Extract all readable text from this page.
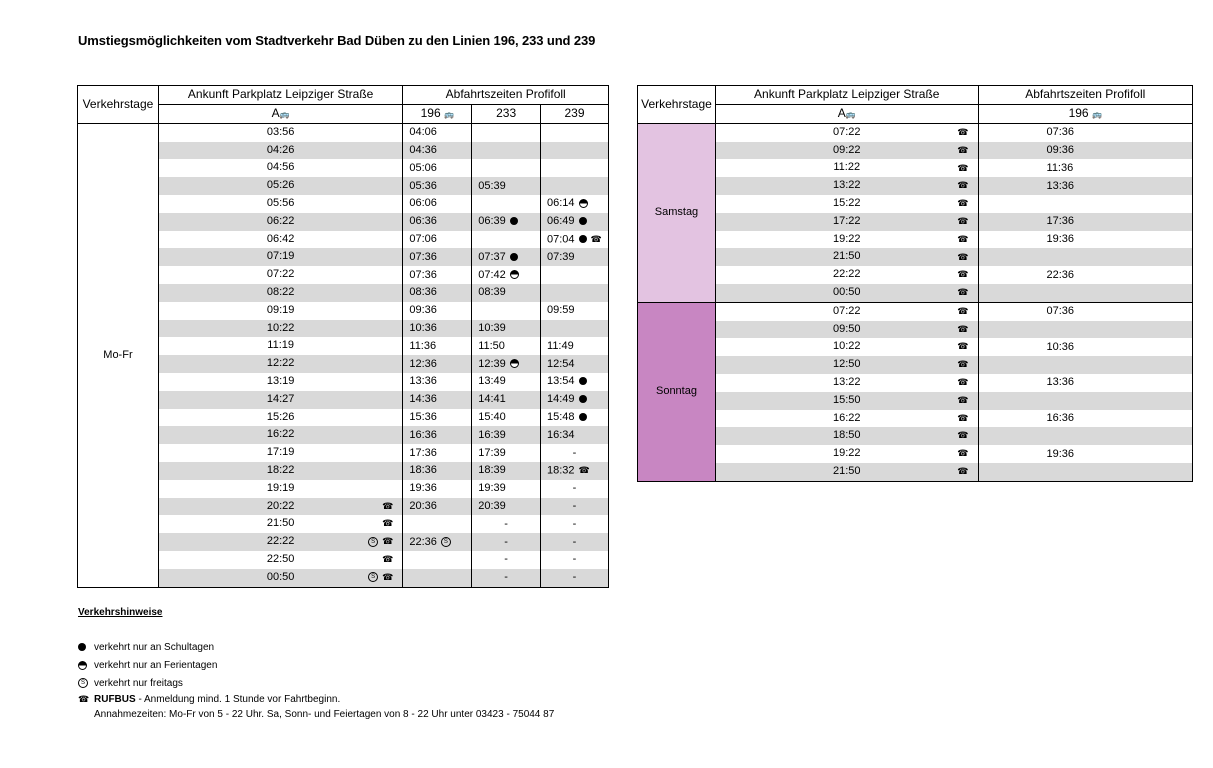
Umstiegsmöglichkeiten vom Stadtverkehr Bad Düben zu den Linien 196, 233 und 239
Verkehrstage	Ankunft Parkplatz Leipziger Straße	Abfahrtszeiten Profifoll		
	A🚌	196 🚌	233	239
Mo-Fr	03:56	04:06		

	04:26	04:36		

	04:56	05:06		

	05:26	05:36	05:39	

	05:56	06:06		06:14

	06:22	06:36	06:39	06:49

	06:42	07:06		07:04 ☎

	07:19	07:36	07:37	07:39

	07:22	07:36	07:42	

	08:22	08:36	08:39	

	09:19	09:36		09:59

	10:22	10:36	10:39	

	11:19	11:36	11:50	11:49

	12:22	12:36	12:39	12:54

	13:19	13:36	13:49	13:54

	14:27	14:36	14:41	14:49

	15:26	15:36	15:40	15:48

	16:22	16:36	16:39	16:34

	17:19	17:36	17:39	-

	18:22	18:36	18:39	18:32 ☎

	19:19	19:36	19:39	-

	20:22 ☎	20:36	20:39	-

	21:50 ☎		-	-

	22:22 S ☎	22:36 S	-	-

	22:50 ☎		-	-

	00:50 S ☎		-	-
Verkehrstage	Ankunft Parkplatz Leipziger Straße	Abfahrtszeiten Profifoll
	A🚌	196 🚌
Samstag	07:22 ☎	07:36

	09:22 ☎	09:36

	11:22 ☎	11:36

	13:22 ☎	13:36

	15:22 ☎	

	17:22 ☎	17:36

	19:22 ☎	19:36

	21:50 ☎	

	22:22 ☎	22:36

	00:50 ☎	

Sonntag	07:22 ☎	07:36

	09:50 ☎	

	10:22 ☎	10:36

	12:50 ☎	

	13:22 ☎	13:36

	15:50 ☎	

	16:22 ☎	16:36

	18:50 ☎	

	19:22 ☎	19:36

	21:50 ☎	

Verkehrshinweise
verkehrt nur an Schultagen
verkehrt nur an Ferientagen
S verkehrt nur freitags
☎ RUFBUS - Anmeldung mind. 1 Stunde vor Fahrtbeginn.
Annahmezeiten: Mo-Fr von 5 - 22 Uhr. Sa, Sonn- und Feiertagen von 8 - 22 Uhr unter 03423 - 75044 87
